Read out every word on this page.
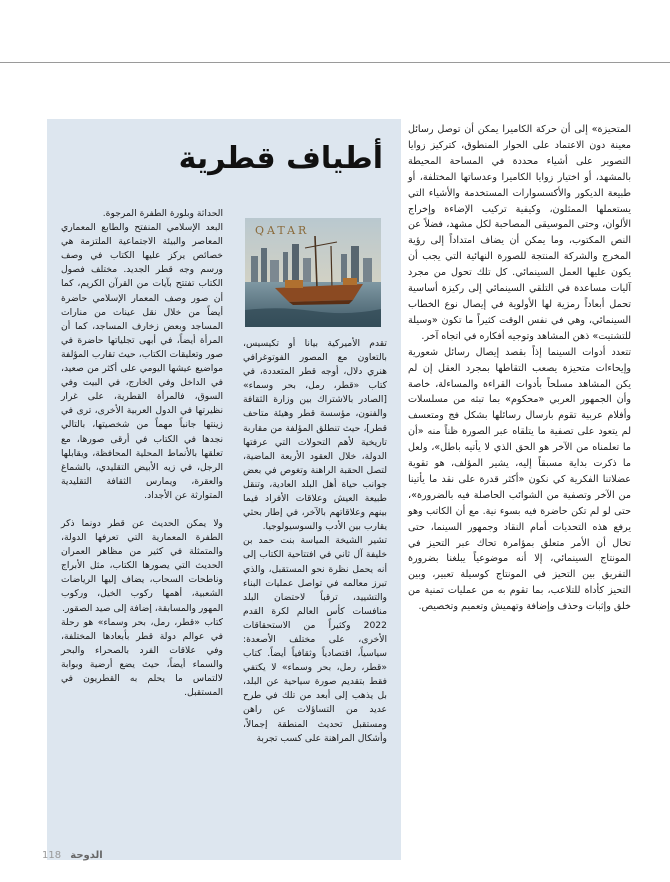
المتحيزة» إلى أن حركة الكاميرا يمكن أن توصل رسائل معينة دون الاعتماد على الحوار المنطوق، كتركيز زوايا التصوير على أشياء محددة في المساحة المحيطة بالمشهد، أو اختيار زوايا الكاميرا وعدساتها المختلفة، أو طبيعة الديكور والأكسسوارات المستخدمة والأشياء التي يستعملها الممثلون، وكيفية تركيب الإضاءة وإخراج الألوان، وحتى الموسيقى المصاحبة لكل مشهد، فضلاً عن النص المكتوب، وما يمكن أن يضاف امتداداً إلى رؤية المخرج والشركة المنتجة للصورة النهائية التي يجب أن يكون عليها العمل السينمائي. كل تلك تحول من مجرد آليات مساعدة في التلقي السينمائي إلى ركيزة أساسية تحمل أبعاداً رمزية لها الأولوية في إيصال نوع الخطاب السينمائي، وهي في نفس الوقت كثيراً ما تكون «وسيلة للتشتيت» ذهن المشاهد وتوجيه أفكاره في اتجاه آخر.

تتعدد أدوات السينما إذاً بقصد إيصال رسائل شعورية وإيحاءات متحيزة يصعب التقاطها بمجرد العقل إن لم يكن المشاهد مسلحاً بأدوات القراءة والمساءلة، خاصة وأن الجمهور العربي «محكوم» بما تبثه من مسلسلات وأفلام عربية تقوم بارسال رسائلها بشكل فج ومتعسف لم يتعود على تصفية ما يتلقاه عبر الصورة ظناً منه «أن ما تعلمناه من الآخر هو الحق الذي لا يأتيه باطل»، ولعل ما ذكرت بداية مسبقاً إليه، يشير المؤلف، هو تقوية عضلاتنا الفكرية كي نكون «أكثر قدرة على نقد ما يأتينا من الآخر وتصفية من الشوائب الحاصلة فيه بالضرورة»، حتى لو لم تكن حاضرة فيه بسوء نية. مع أن الكاتب وهو يرفع هذه التحديات أمام النقاد وجمهور السينما، حتى تخال أن الأمر متعلق بمؤامرة تحاك عبر التحيز في المونتاج السينمائي، إلا أنه موضوعياً يبلغنا بضرورة التفريق بين التحيز في المونتاج كوسيلة تعبير، وبين التحيز كأداة للتلاعب، بما تقوم به من عمليات تمنية من خلق وإثبات وحذف وإضافة وتهميش وتعميم وتخصيص.

أطياف قطرية
QATAR

الحداثة وبلورة الطفرة المرجوة.

البعد الإسلامي المنفتح والطابع المعماري المعاصر والبيئة الاجتماعية الملتزمة هي خصائص يركز عليها الكتاب في وصف ورسم وجه قطر الجديد. مختلف فصول الكتاب تفتتح بآيات من القرآن الكريم، كما أن صور وصف المعمار الإسلامي حاضرة أيضاً من خلال نقل عينات من منارات المساجد وبعض زخارف المساجد، كما أن المرأة أيضاً، في أبهى تجلياتها حاضرة في صور وتعليقات الكتاب، حيث تقارب المؤلفة مواضيع عيشها اليومي على أكثر من صعيد، في الداخل وفي الخارج، في البيت وفي السوق، فالمرأة القطرية، على غرار نظيرتها في الدول العربية الأخرى، ترى في زينتها جانباً مهماً من شخصيتها، بالتالي نجدها في الكتاب في أرقى صورها، مع تعلقها بالأنماط المحلية المحافظة، ويقابلها الرجل، في زيه الأبيض التقليدي، بالشماغ والعقرة، ويمارس الثقافة التقليدية المتوارثة عن الأجداد.

ولا يمكن الحديث عن قطر دونما ذكر الطفرة المعمارية التي تعرفها الدولة، والمتمثلة في كثير من مظاهر العمران الحديث التي يصورها الكتاب، مثل الأبراج وناطحات السحاب، يضاف إليها الرياضات الشعبية، أهمها ركوب الخيل، وركوب المهور والمسابقة، إضافة إلى صيد الصقور.

كتاب «قطر، رمل، بحر وسماء» هو رحلة في عوالم دولة قطر بأبعادها المختلفة، وفي علاقات الفرد بالصحراء والبحر والسماء أيضاً، حيث يضع أرضية وبوابة لالتماس ما يحلم به القطريون في المستقبل.

تقدم الأميركية بيانا أو تكيسيس، بالتعاون مع المصور الفوتوغرافي هنري دلال، أوجه قطر المتعددة، في كتاب «قطر، رمل، بحر وسماء» [الصادر بالاشتراك بين وزارة الثقافة والفنون، مؤسسة قطر وهيئة متاحف قطر]، حيث تنطلق المؤلفة من مقاربة تاريخية لأهم التحولات التي عرفتها الدولة، خلال العقود الأربعة الماضية، لتصل الحقبة الراهنة وتغوص في بعض جوانب حياة أهل البلد العادية، وتنقل طبيعة العيش وعلاقات الأفراد فيما بينهم وعلاقاتهم بالآخر، في إطار بحثي يقارب بين الأدب والسوسيولوجيا.

تشير الشيخة المياسة بنت حمد بن خليفة آل ثاني في افتتاحية الكتاب إلى أنه يحمل نظرة نحو المستقبل، والذي تبرز معالمه في تواصل عمليات البناء والتشييد، ترقباً لاحتضان البلد منافسات كأس العالم لكرة القدم 2022 وكثيراً من الاستحقاقات الأخرى، على مختلف الأصعدة: سياسياً، اقتصادياً وثقافياً أيضاً. كتاب «قطر، رمل، بحر وسماء» لا يكتفي فقط بتقديم صورة سياحية عن البلد، بل يذهب إلى أبعد من تلك في طرح عديد من التساؤلات عن راهن ومستقبل تحديث المنطقة إجمالاً، وأشكال المراهنة على كسب تجربة

الدوحة 118
